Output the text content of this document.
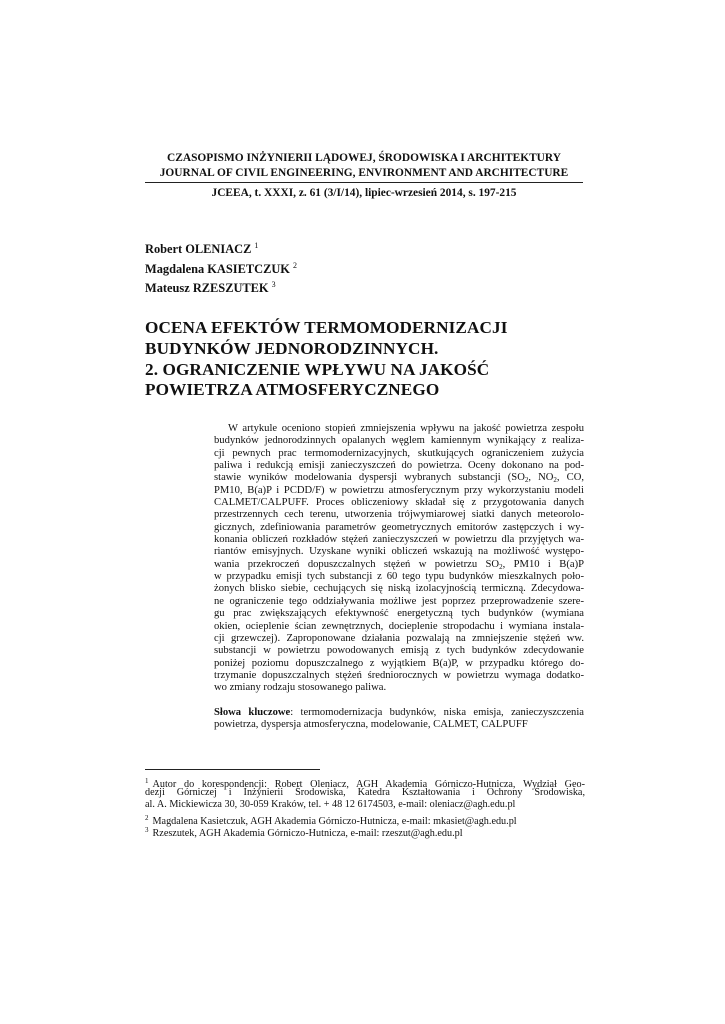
CZASOPISMO INŻYNIERII LĄDOWEJ, ŚRODOWISKA I ARCHITEKTURY
JOURNAL OF CIVIL ENGINEERING, ENVIRONMENT AND ARCHITECTURE
JCEEA, t. XXXI, z. 61 (3/I/14), lipiec-wrzesień 2014, s. 197-215
Robert OLENIACZ $^1$
Magdalena KASIETCZUK $^2$
Mateusz RZESZUTEK $^3$
OCENA EFEKTÓW TERMOMODERNIZACJI
BUDYNKÓW JEDNORODZINNYCH.
2. OGRANICZENIE WPŁYWU NA JAKOŚĆ
POWIETRZA ATMOSFERYCZNEGO
W artykule oceniono stopień zmniejszenia wpływu na jakość powietrza zespołu
budynków jednorodzinnych opalanych węglem kamiennym wynikający z realiza-
cji pewnych prac termomodernizacyjnych, skutkujących ograniczeniem zużycia
paliwa i redukcją emisji zanieczyszczeń do powietrza. Oceny dokonano na pod-
stawie wyników modelowania dyspersji wybranych substancji ($SO_2$, $NO_2$, CO,
PM10, B(a)P i PCDD/F) w powietrzu atmosferycznym przy wykorzystaniu modeli
CALMET/CALPUFF. Proces obliczeniowy składał się z przygotowania danych
przestrzennych cech terenu, utworzenia trójwymiarowej siatki danych meteorolo-
gicznych, zdefiniowania parametrów geometrycznych emitorów zastępczych i wy-
konania obliczeń rozkładów stężeń zanieczyszczeń w powietrzu dla przyjętych wa-
riantów emisyjnych. Uzyskane wyniki obliczeń wskazują na możliwość występo-
wania przekroczeń dopuszczalnych stężeń w powietrzu $SO_2$, PM10 i B(a)P
w przypadku emisji tych substancji z 60 tego typu budynków mieszkalnych poło-
żonych blisko siebie, cechujących się niską izolacyjnością termiczną. Zdecydowa-
ne ograniczenie tego oddziaływania możliwe jest poprzez przeprowadzenie szere-
gu prac zwiększających efektywność energetyczną tych budynków (wymiana
okien, ocieplenie ścian zewnętrznych, docieplenie stropodachu i wymiana instala-
cji grzewczej). Zaproponowane działania pozwalają na zmniejszenie stężeń ww.
substancji w powietrzu powodowanych emisją z tych budynków zdecydowanie
poniżej poziomu dopuszczalnego z wyjątkiem B(a)P, w przypadku którego do-
trzymanie dopuszczalnych stężeń średniorocznych w powietrzu wymaga dodatko-
wo zmiany rodzaju stosowanego paliwa.
Słowa kluczowe: termomodernizacja budynków, niska emisja, zanieczyszczenia
powietrza, dyspersja atmosferyczna, modelowanie, CALMET, CALPUFF
$^1$ Autor do korespondencji: Robert Oleniacz, AGH Akademia Górniczo-Hutnicza, Wydział Geo-
dezji Górniczej i Inżynierii Środowiska, Katedra Kształtowania i Ochrony Środowiska,
al. A. Mickiewicza 30, 30-059 Kraków, tel. + 48 12 6174503, e-mail: oleniacz@agh.edu.pl
$^2$ Magdalena Kasietczuk, AGH Akademia Górniczo-Hutnicza, e-mail: mkasiet@agh.edu.pl
$^3$ Rzeszutek, AGH Akademia Górniczo-Hutnicza, e-mail: rzeszut@agh.edu.pl
